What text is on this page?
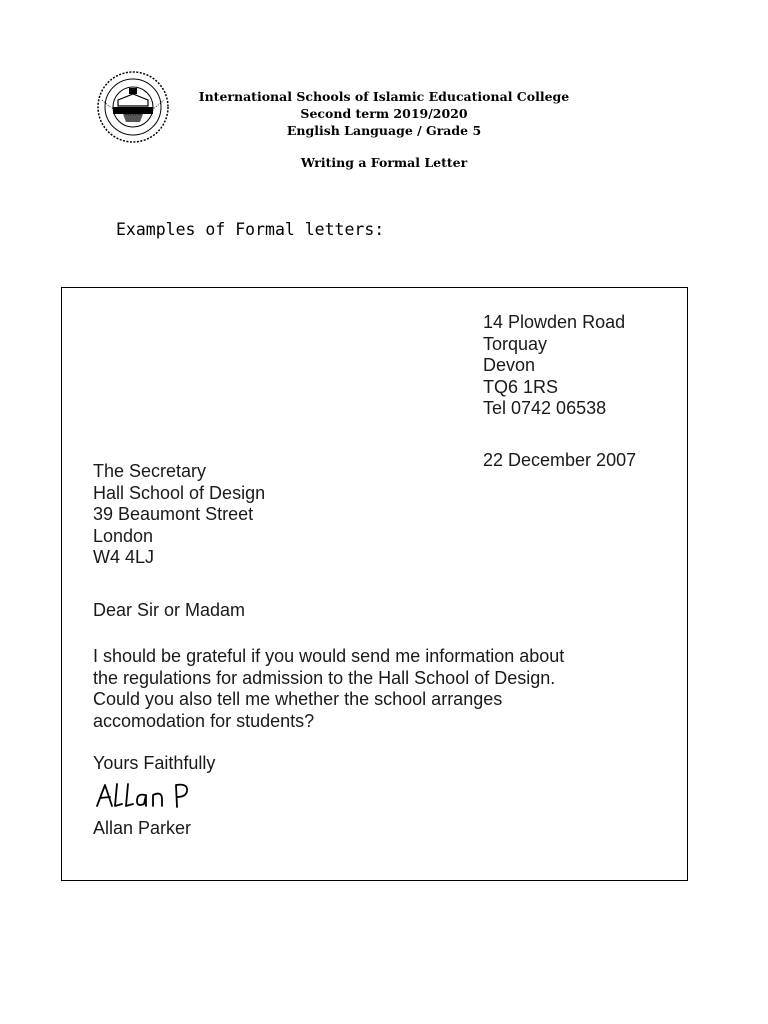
International Schools of Islamic Educational College
Second term 2019/2020
English Language / Grade 5
Writing a Formal Letter
Examples of Formal letters:
14 Plowden Road
Torquay
Devon
TQ6 1RS
Tel 0742 06538
22 December 2007
The Secretary
Hall School of Design
39 Beaumont Street
London
W4 4LJ
Dear Sir or Madam
I should be grateful if you would send me information about
the regulations for admission to the Hall School of Design.
Could you also tell me whether the school arranges
accomodation for students?
Yours Faithfully
Allan Parker
